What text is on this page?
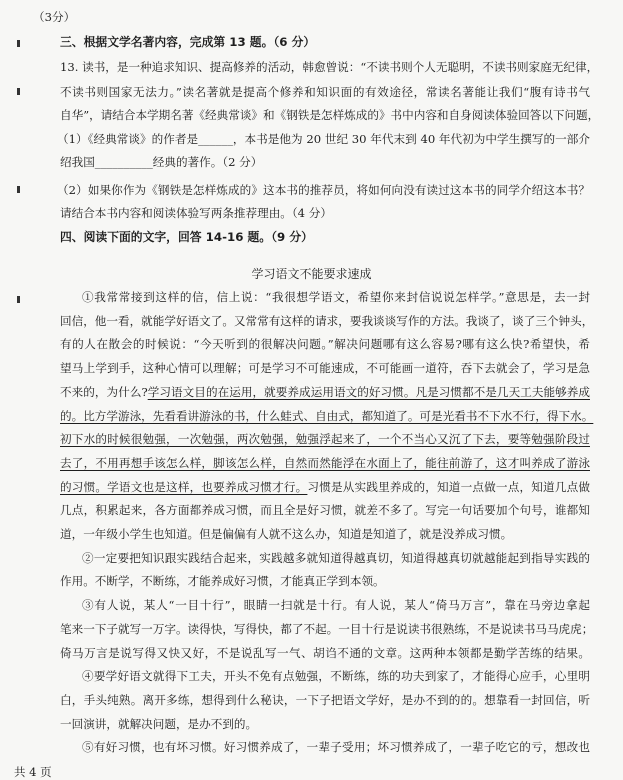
（3分）
三、根据文学名著内容，完成第 13 题。（6 分）
13. 读书，是一种追求知识、提高修养的活动，韩愈曾说：“不读书则个人无聪明，不读书则家庭无纪律，
不读书则国家无法力。”读名著就是提高个修养和知识面的有效途径，常读名著能让我们“腹有诗书气
自华”，请结合本学期名著《经典常谈》和《钢铁是怎样炼成的》书中内容和自身阅读体验回答以下问题，
（1）《经典常谈》的作者是______，本书是他为 20 世纪 30 年代末到 40 年代初为中学生撰写的一部介
绍我国__________经典的著作。（2 分）
（2）如果你作为《钢铁是怎样炼成的》这本书的推荐员，将如何向没有读过这本书的同学介绍这本书？
请结合本书内容和阅读体验写两条推荐理由。（4 分）
四、阅读下面的文字，回答 14-16 题。（9 分）
学习语文不能要求速成
①我常常接到这样的信，信上说：“我很想学语文，希望你来封信说说怎样学。”意思是，去一封
回信，他一看，就能学好语文了。又常常有这样的请求，要我谈谈写作的方法。我谈了，谈了三个钟头，
有的人在散会的时候说：“今天听到的很解决问题。”解决问题哪有这么容易?哪有这么快?希望快，希
望马上学到手，这种心情可以理解；可是学习不可能速成，不可能画一道符，吞下去就会了，学习是急
不来的，为什么?学习语文目的在运用，就要养成运用语文的好习惯。凡是习惯都不是几天工夫能够养成
的。比方学游泳，先看看讲游泳的书，什么蛙式、自由式，都知道了。可是光看书不下水不行，得下水。
初下水的时候很勉强，一次勉强，两次勉强，勉强浮起来了，一个不当心又沉了下去，要等勉强阶段过
去了，不用再想手该怎么样，脚该怎么样，自然而然能浮在水面上了，能往前游了，这才叫养成了游泳
的习惯。学语文也是这样，也要养成习惯才行。习惯是从实践里养成的，知道一点做一点，知道几点做
几点，积累起来，各方面都养成习惯，而且全是好习惯，就差不多了。写完一句话要加个句号，谁都知
道，一年级小学生也知道。但是偏偏有人就不这么办，知道是知道了，就是没养成习惯。
②一定要把知识跟实践结合起来，实践越多就知道得越真切，知道得越真切就越能起到指导实践的
作用。不断学，不断练，才能养成好习惯，才能真正学到本领。
③有人说，某人“一目十行”，眼睛一扫就是十行。有人说，某人“倚马万言”，靠在马旁边拿起
笔来一下子就写一万字。读得快，写得快，都了不起。一目十行是说读书很熟练，不是说读书马马虎虎；
倚马万言是说写得又快又好，不是说乱写一气、胡诌不通的文章。这两种本领都是勤学苦练的结果。
④要学好语文就得下工夫，开头不免有点勉强，不断练，练的功夫到家了，才能得心应手，心里明
白，手头纯熟。离开多练，想得到什么秘诀，一下子把语文学好，是办不到的的。想靠看一封回信，听
一回演讲，就解决问题，是办不到的。
⑤有好习惯，也有坏习惯。好习惯养成了，一辈子受用；坏习惯养成了，一辈子吃它的亏，想改也
共 4 页
